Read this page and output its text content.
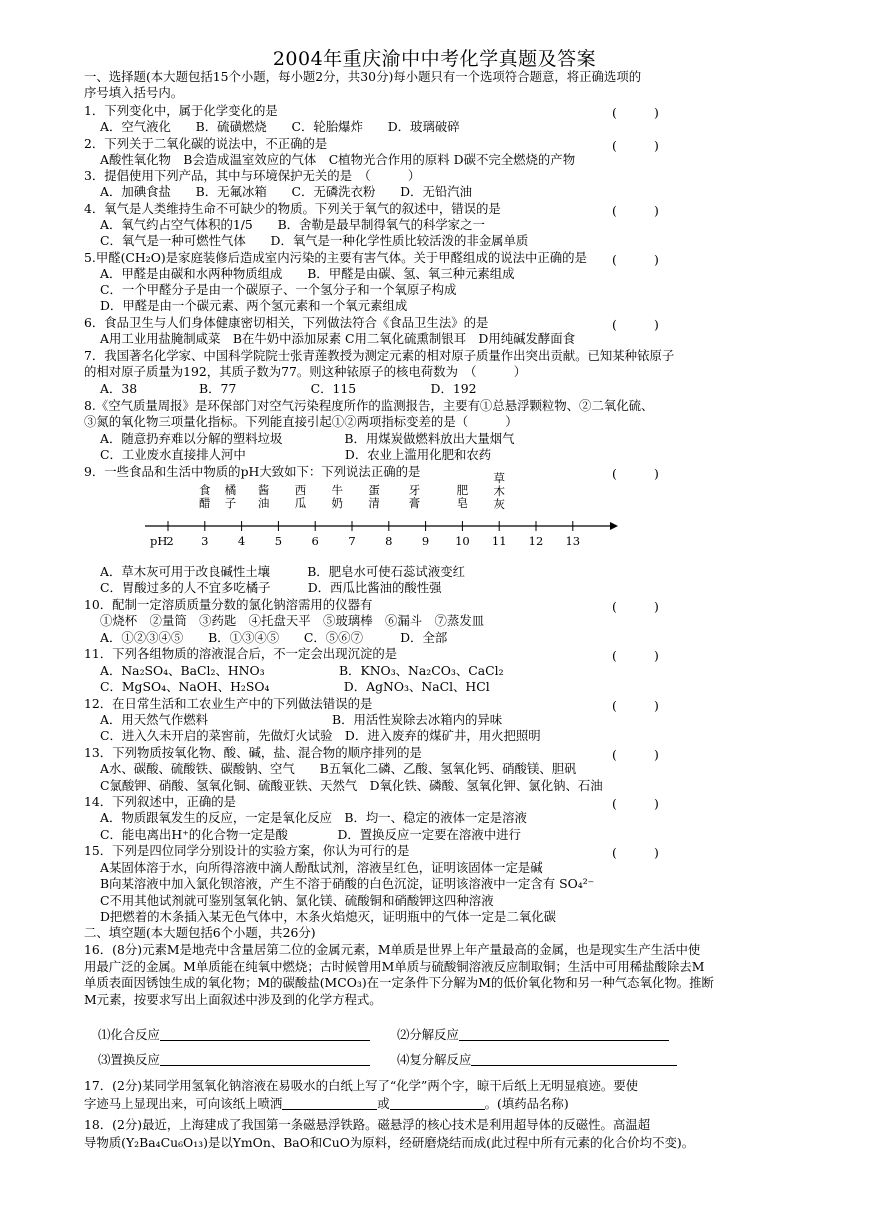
2004年重庆渝中中考化学真题及答案
一、选择题(本大题包括15个小题，每小题2分，共30分)每小题只有一个选项符合题意，将正确选项的
序号填入括号内。
1．下列变化中，属于化学变化的是	(　　　)
A．空气液化　　B．硫磺燃烧　　C．轮胎爆炸　　D．玻璃破碎
2．下列关于二氧化碳的说法中，不正确的是	(　　　)
A酸性氧化物　B会造成温室效应的气体　C植物光合作用的原料 D碳不完全燃烧的产物
3．提倡使用下列产品，其中与环境保护无关的是　（　　　）
A．加碘食盐　　B．无氟冰箱　　C．无磷洗衣粉　　D．无铅汽油
4．氧气是人类维持生命不可缺少的物质。下列关于氧气的叙述中，错误的是	(　　　)
A．氧气约占空气体积的1/5　　B．舍勒是最早制得氧气的科学家之一
C．氧气是一种可燃性气体　　D．氧气是一种化学性质比较活泼的非金属单质
5.甲醛(CH₂O)是家庭装修后造成室内污染的主要有害气体。关于甲醛组成的说法中正确的是 (　　　)
A．甲醛是由碳和水两种物质组成　　B．甲醛是由碳、氢、氧三种元素组成
C．一个甲醛分子是由一个碳原子、一个氢分子和一个氧原子构成
D．甲醛是由一个碳元素、两个氢元素和一个氧元素组成
6．食品卫生与人们身体健康密切相关，下列做法符合《食品卫生法》的是	(　　　)
A用工业用盐腌制咸菜　B在牛奶中添加尿素 C用二氧化硫熏制银耳　D用纯碱发酵面食
7．我国著名化学家、中国科学院院士张青莲教授为测定元素的相对原子质量作出突出贡献。已知某种铱原子
的相对原子质量为192，其质子数为77。则这种铱原子的核电荷数为　（　　　）
A．38　　　　　B．77　　　　　　C．115　　　　　　D．192
8.《空气质量周报》是环保部门对空气污染程度所作的监测报告，主要有①总悬浮颗粒物、②二氧化硫、
③氮的氧化物三项量化指标。下列能直接引起①②两项指标变差的是（　　　）
A．随意扔弃难以分解的塑料垃圾　　　　　B．用煤炭做燃料放出大量烟气
C．工业废水直接排人河中　　　　　　　　D．农业上滥用化肥和农药
9．一些食品和生活中物质的pH大致如下：下列说法正确的是	(　　　)
食
醋
橘
子
酱
油
西
瓜
牛
奶
蛋
清
牙
膏
肥
皂
草
木
灰
2 3	4	5	6	7	8	9 10 11 12 13
pH
A．草木灰可用于改良碱性土壤　　　B．肥皂水可使石蕊试液变红
C．胃酸过多的人不宜多吃橘子　　　D．西瓜比酱油的酸性强
10．配制一定溶质质量分数的氯化钠溶需用的仪器有	(　　　)
①烧杯　②量筒　③药匙　④托盘天平　⑤玻璃棒　⑥漏斗　⑦蒸发皿
A．①②③④⑤　　B．①③④⑤　　C．⑤⑥⑦　　　D．全部
11．下列各组物质的溶液混合后，不一定会出现沉淀的是	(　　　)
A．Na₂SO₄、BaCl₂、HNO₃　　　　　　B．KNO₃、Na₂CO₃、CaCl₂
C．MgSO₄、NaOH、H₂SO₄　　　　　　D．AgNO₃、NaCl、HCl
12．在日常生活和工农业生产中的下列做法错误的是	(　　　)
A．用天然气作燃料　　　　　　　　　　B．用活性炭除去冰箱内的异味
C．进入久未开启的菜窖前，先做灯火试验　D．进入废弃的煤矿井，用火把照明
13．下列物质按氧化物、酸、碱，盐、混合物的顺序排列的是	(　　　)
A水、碳酸、硫酸铁、碳酸钠、空气　　B五氧化二磷、乙酸、氢氧化钙、硝酸镁、胆矾
C氯酸钾、硝酸、氢氧化铜、硫酸亚铁、天然气　D氧化铁、磷酸、氢氧化钾、氯化钠、石油
14．下列叙述中，正确的是	(　　　)
A．物质跟氧发生的反应，一定是氧化反应　B．均一、稳定的液体一定是溶液
C．能电离出H⁺的化合物一定是酸　　　　D．置换反应一定要在溶液中进行
15．下列是四位同学分别设计的实验方案，你认为可行的是	(　　　)
A某固体溶于水，向所得溶液中滴人酚酞试剂，溶液呈红色，证明该固体一定是碱
B向某溶液中加入氯化钡溶液，产生不溶于硝酸的白色沉淀，证明该溶液中一定含有 SO₄²⁻
C不用其他试剂就可鉴别氢氧化钠、氯化镁、硫酸铜和硝酸钾这四种溶液
D把燃着的木条插入某无色气体中，木条火焰熄灭，证明瓶中的气体一定是二氧化碳
二、填空题(本大题包括6个小题，共26分)
16．(8分)元素M是地壳中含量居第二位的金属元素，M单质是世界上年产量最高的金属，也是现实生产生活中使
用最广泛的金属。M单质能在纯氧中燃烧；古时候曾用M单质与硫酸铜溶液反应制取铜；生活中可用稀盐酸除去M
单质表面因锈蚀生成的氧化物；M的碳酸盐(MCO₃)在一定条件下分解为M的低价氧化物和另一种气态氧化物。推断
M元素，按要求写出上面叙述中涉及到的化学方程式。
⑴化合反应	⑵分解反应
⑶置换反应	⑷复分解反应
17．(2分)某同学用氢氧化钠溶液在易吸水的白纸上写了“化学”两个字，晾干后纸上无明显痕迹。要使
字迹马上显现出来，可向该纸上喷洒	或	。(填药品名称)
18．(2分)最近，上海建成了我国第一条磁悬浮铁路。磁悬浮的核心技术是利用超导体的反磁性。高温超
导物质(Y₂Ba₄Cu₆O₁₃)是以YmOn、BaO和CuO为原料，经研磨烧结而成(此过程中所有元素的化合价均不变)。
